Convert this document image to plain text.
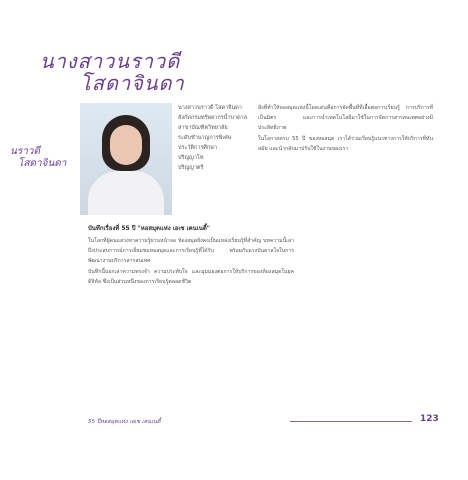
นางสาวนราวดี
โสดาจินดา
นราวดี
โสดาจินดา
นางสาวนราวดี โสดาจินดา
สังกัดกรมทรัพยากรน้ำบาดาล
สาขาบัณฑิตวิทยาลัย
ระดับชำนาญการพิเศษ
ประวัติการศึกษา
ปริญญาโท
ปริญญาตรี
บันทึกเรื่องที่ 55 ปี "หอสมุดแห่ง เอเซ เคนเนดี้"

ในโลกที่ผู้คนแสวงหาความรู้ผ่านหน้าจอ ห้องสมุดยังคงเป็นแหล่งเรียนรู้ที่สำคัญ บทความนี้เล่าถึงประสบการณ์การเยี่ยมชมหอสมุดและการเรียนรู้ที่ได้รับ พร้อมกับแรงบันดาลใจในการพัฒนางานบริการสารสนเทศ

บันทึกนี้บอกเล่าความทรงจำ ความประทับใจ และมุมมองต่อการให้บริการของห้องสมุดในยุคดิจิทัล ซึ่งเป็นส่วนหนึ่งของการเรียนรู้ตลอดชีวิต

สิ่งที่ทำให้หอสมุดแห่งนี้โดดเด่นคือการจัดพื้นที่ที่เอื้อต่อการเรียนรู้ การบริการที่เป็นมิตร และการนำเทคโนโลยีมาใช้ในการจัดการสารสนเทศอย่างมีประสิทธิภาพ

ในโอกาสครบ 55 ปี ของหอสมุด เราได้ร่วมเรียนรู้แนวทางการให้บริการที่ทันสมัย และนำกลับมาปรับใช้ในงานของเรา

55 ปีหอสมุดแห่ง เอเซ เคนเนดี้	123
